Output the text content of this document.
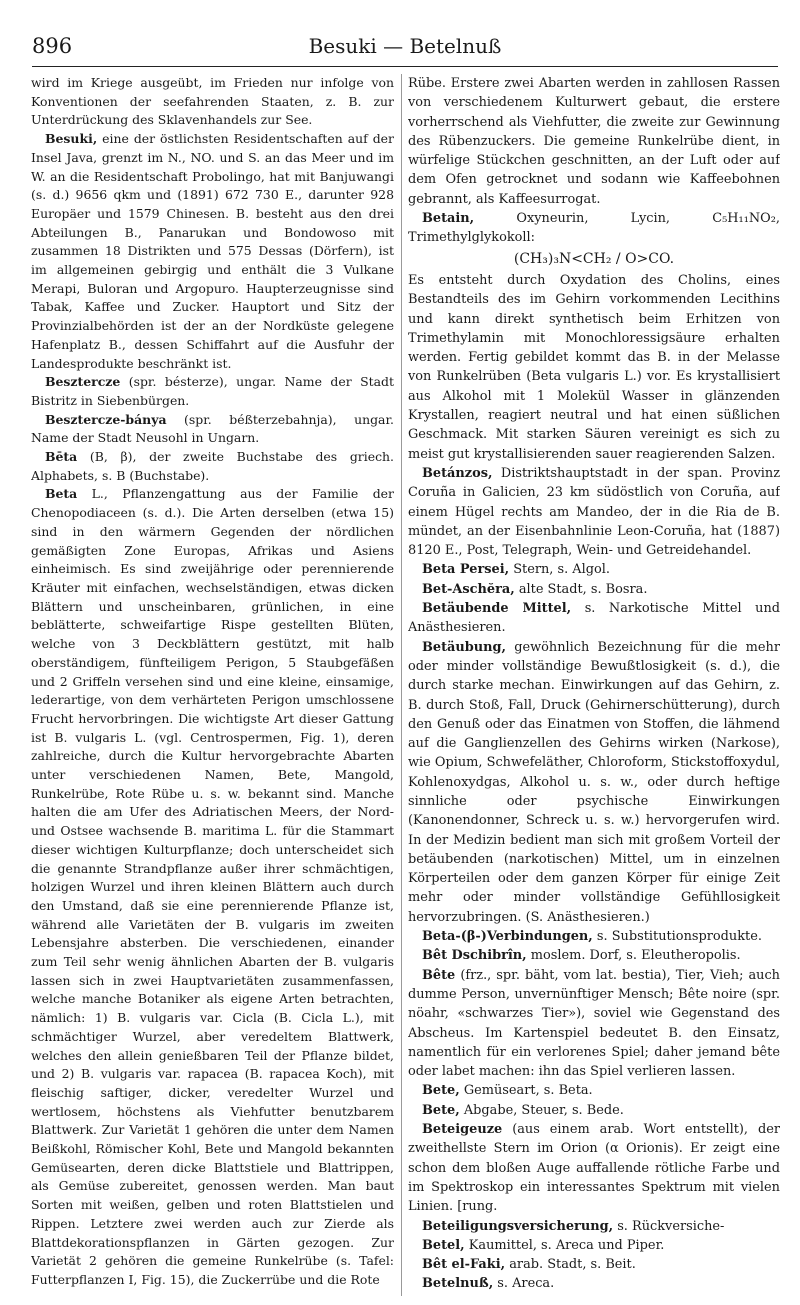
Besuki — Betelnuß
896

wird im Kriege ausgeübt, im Frieden nur infolge von Konventionen der seefahrenden Staaten, z. B. zur Unterdrückung des Sklavenhandels zur See.

Besuki, eine der östlichsten Residentschaften auf der Insel Java, grenzt im N., NO. und S. an das Meer und im W. an die Residentschaft Probolingo, hat mit Banjuwangi (s. d.) 9656 qkm und (1891) 672 730 E., darunter 928 Europäer und 1579 Chinesen. B. besteht aus den drei Abteilungen B., Panarukan und Bondowoso mit zusammen 18 Distrikten und 575 Dessas (Dörfern), ist im allgemeinen gebirgig und enthält die 3 Vulkane Merapi, Buloran und Argopuro. Haupterzeugnisse sind Tabak, Kaffee und Zucker. Hauptort und Sitz der Provinzialbehörden ist der an der Nordküste gelegene Hafenplatz B., dessen Schiffahrt auf die Ausfuhr der Landesprodukte beschränkt ist.

Besztercze (spr. bésterze), ungar. Name der Stadt Bistritz in Siebenbürgen.

Besztercze-bánya (spr. béßterzebahnja), ungar. Name der Stadt Neusohl in Ungarn.

Bēta (Β, β), der zweite Buchstabe des griech. Alphabets, s. B (Buchstabe).

Beta L., Pflanzengattung aus der Familie der Chenopodiaceen (s. d.). Die Arten derselben (etwa 15) sind in den wärmern Gegenden der nördlichen gemäßigten Zone Europas, Afrikas und Asiens einheimisch. Es sind zweijährige oder perennierende Kräuter mit einfachen, wechselständigen, etwas dicken Blättern und unscheinbaren, grünlichen, in eine beblätterte, schweifartige Rispe gestellten Blüten, welche von 3 Deckblättern gestützt, mit halb oberständigem, fünfteiligem Perigon, 5 Staubgefäßen und 2 Griffeln versehen sind und eine kleine, einsamige, lederartige, von dem verhärteten Perigon umschlossene Frucht hervorbringen. Die wichtigste Art dieser Gattung ist B. vulgaris L. (vgl. Centrospermen, Fig. 1), deren zahlreiche, durch die Kultur hervorgebrachte Abarten unter verschiedenen Namen, Bete, Mangold, Runkelrübe, Rote Rübe u. s. w. bekannt sind. Manche halten die am Ufer des Adriatischen Meers, der Nord- und Ostsee wachsende B. maritima L. für die Stammart dieser wichtigen Kulturpflanze; doch unterscheidet sich die genannte Strandpflanze außer ihrer schmächtigen, holzigen Wurzel und ihren kleinen Blättern auch durch den Umstand, daß sie eine perennierende Pflanze ist, während alle Varietäten der B. vulgaris im zweiten Lebensjahre absterben. Die verschiedenen, einander zum Teil sehr wenig ähnlichen Abarten der B. vulgaris lassen sich in zwei Hauptvarietäten zusammenfassen, welche manche Botaniker als eigene Arten betrachten, nämlich: 1) B. vulgaris var. Cicla (B. Cicla L.), mit schmächtiger Wurzel, aber veredeltem Blattwerk, welches den allein genießbaren Teil der Pflanze bildet, und 2) B. vulgaris var. rapacea (B. rapacea Koch), mit fleischig saftiger, dicker, veredelter Wurzel und wertlosem, höchstens als Viehfutter benutzbarem Blattwerk. Zur Varietät 1 gehören die unter dem Namen Beißkohl, Römischer Kohl, Bete und Mangold bekannten Gemüsearten, deren dicke Blattstiele und Blattrippen, als Gemüse zubereitet, genossen werden. Man baut Sorten mit weißen, gelben und roten Blattstielen und Rippen. Letztere zwei werden auch zur Zierde als Blattdekorationspflanzen in Gärten gezogen. Zur Varietät 2 gehören die gemeine Runkelrübe (s. Tafel: Futterpflanzen I, Fig. 15), die Zuckerrübe und die Rote

Rübe. Erstere zwei Abarten werden in zahllosen Rassen von verschiedenem Kulturwert gebaut, die erstere vorherrschend als Viehfutter, die zweite zur Gewinnung des Rübenzuckers. Die gemeine Runkelrübe dient, in würfelige Stückchen geschnitten, an der Luft oder auf dem Ofen getrocknet und sodann wie Kaffeebohnen gebrannt, als Kaffeesurrogat.

Betain,	Oxyneurin, Lycin, C₅H₁₁NO₂, Trimethylglykokoll:

(CH₃)₃N<CH₂ / O>CO.

Es entsteht durch Oxydation des Cholins, eines Bestandteils des im Gehirn vorkommenden Lecithins und kann direkt synthetisch beim Erhitzen von Trimethylamin mit Monochloressigsäure erhalten werden. Fertig gebildet kommt das B. in der Melasse von Runkelrüben (Beta vulgaris L.) vor. Es krystallisiert aus Alkohol mit 1 Molekül Wasser in glänzenden Krystallen, reagiert neutral und hat einen süßlichen Geschmack. Mit starken Säuren vereinigt es sich zu meist gut krystallisierenden sauer reagierenden Salzen.

Betánzos, Distriktshauptstadt in der span. Provinz Coruña in Galicien, 23 km südöstlich von Coruña, auf einem Hügel rechts am Mandeo, der in die Ria de B. mündet, an der Eisenbahnlinie Leon-Coruña, hat (1887) 8120 E., Post, Telegraph, Wein- und Getreidehandel.

Beta Persei, Stern, s. Algol.

Bet-Aschĕra, alte Stadt, s. Bosra.

Betäubende Mittel, s. Narkotische Mittel und Anästhesieren.

Betäubung, gewöhnlich Bezeichnung für die mehr oder minder vollständige Bewußtlosigkeit (s. d.), die durch starke mechan. Einwirkungen auf das Gehirn, z. B. durch Stoß, Fall, Druck (Gehirnerschütterung), durch den Genuß oder das Einatmen von Stoffen, die lähmend auf die Ganglienzellen des Gehirns wirken (Narkose), wie Opium, Schwefeläther, Chloroform, Stickstoffoxydul, Kohlenoxydgas, Alkohol u. s. w., oder durch heftige sinnliche oder psychische Einwirkungen (Kanonendonner, Schreck u. s. w.) hervorgerufen wird. In der Medizin bedient man sich mit großem Vorteil der betäubenden (narkotischen) Mittel, um in einzelnen Körperteilen oder dem ganzen Körper für einige Zeit mehr oder minder vollständige Gefühllosigkeit hervorzubringen. (S. Anästhesieren.)

Beta-(β-)Verbindungen, s. Substitutionsprodukte.

Bêt Dschibrîn, moslem. Dorf, s. Eleutheropolis.

Bête (frz., spr. bäht, vom lat. bestia), Tier, Vieh; auch dumme Person, unvernünftiger Mensch; Bête noire (spr. nöahr, «schwarzes Tier»), soviel wie Gegenstand des Abscheus. Im Kartenspiel bedeutet B. den Einsatz, namentlich für ein verlorenes Spiel; daher jemand bête oder labet machen: ihn das Spiel verlieren lassen.

Bete, Gemüseart, s. Beta.

Bete, Abgabe, Steuer, s. Bede.

Beteigeuze (aus einem arab. Wort entstellt), der zweithellste Stern im Orion (α Orionis). Er zeigt eine schon dem bloßen Auge auffallende rötliche Farbe und im Spektroskop ein interessantes Spektrum mit vielen Linien. [rung.

Beteiligungsversicherung, s. Rückversiche-

Betel, Kaumittel, s. Areca und Piper.

Bêt el-Faki, arab. Stadt, s. Beit.

Betelnuß, s. Areca.
